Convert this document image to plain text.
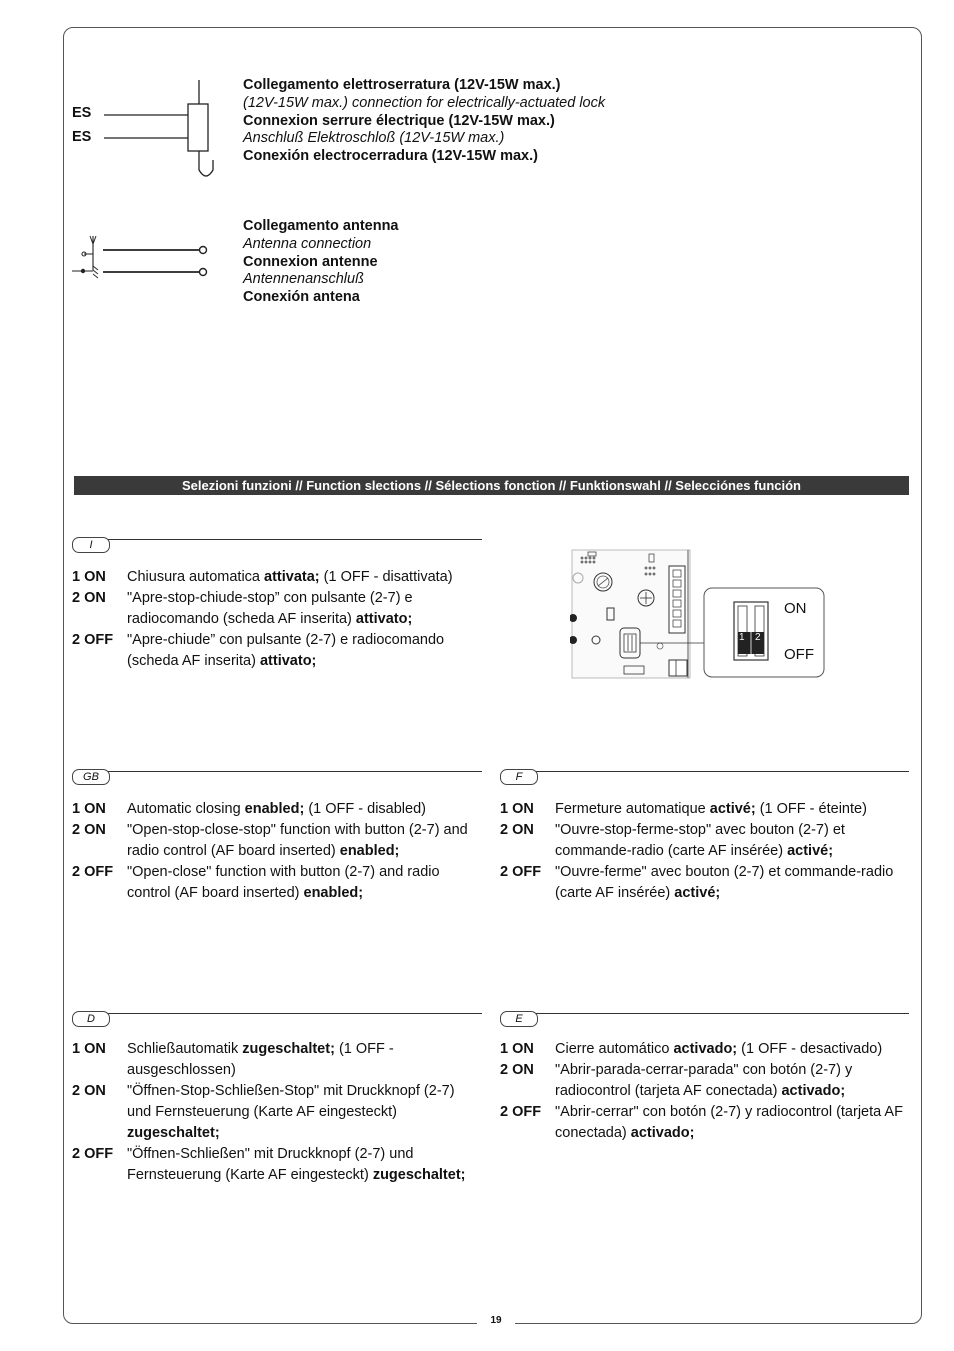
19
ES
ES
Collegamento elettroserratura (12V-15W max.)
(12V-15W max.) connection for electrically-actuated lock
Connexion serrure électrique (12V-15W max.)
Anschluß Elektroschloß (12V-15W max.)
Conexión electrocerradura (12V-15W max.)
Collegamento antenna
Antenna connection
Connexion antenne
Antennenanschluß
Conexión antena
Selezioni funzioni // Function slections // Sélections fonction // Funktionswahl // Selecciónes función
I
GB	F
D	E
1 ON	Chiusura automatica attivata; (1 OFF - disattivata)
2 ON	"Apre-stop-chiude-stop” con pulsante (2-7) e radiocomando (scheda AF inserita) attivato;
2 OFF "Apre-chiude” con pulsante (2-7) e radiocomando (scheda AF inserita) attivato;
1 ON	Automatic closing enabled; (1 OFF - disabled)
2 ON	"Open-stop-close-stop" function with button (2-7) and radio control (AF board inserted) enabled;
2 OFF "Open-close" function with button (2-7) and radio control (AF board inserted) enabled;
1 ON	Fermeture automatique activé; (1 OFF - éteinte)
2 ON	"Ouvre-stop-ferme-stop" avec bouton (2-7) et commande-radio (carte AF insérée) activé;
2 OFF "Ouvre-ferme" avec bouton (2-7) et commande-radio (carte AF insérée) activé;
1 ON	Schließautomatik zugeschaltet; (1 OFF - ausgeschlossen)
2 ON	"Öffnen-Stop-Schließen-Stop" mit Druckknopf (2-7) und Fernsteuerung (Karte AF eingesteckt) zugeschaltet;
2 OFF "Öffnen-Schließen" mit Druckknopf (2-7) und Fernsteuerung (Karte AF eingesteckt) zugeschaltet;
1 ON	Cierre automático activado; (1 OFF - desactivado)
2 ON	"Abrir-parada-cerrar-parada" con botón (2-7) y radiocontrol (tarjeta AF conectada) activado;
2 OFF "Abrir-cerrar" con botón (2-7) y radiocontrol (tarjeta AF conectada) activado;
ON
OFF
1 2
